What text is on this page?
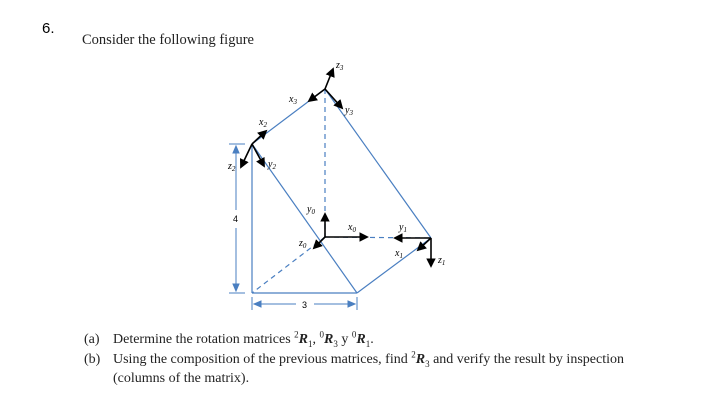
6.
Consider the following figure
4
3
$z_3$
$x_3$
$y_3$
$x_2$
$z_2$	$y_2$
$y_0$
$x_0$
$z_0$
$y_1$
$x_1$	$z_1$
(a) Determine the rotation matrices $^2R_1$, $^0R_3$ y $^0R_1$.
(b) Using the composition of the previous matrices, find $^2R_3$ and verify the result by inspection (columns of the matrix).
